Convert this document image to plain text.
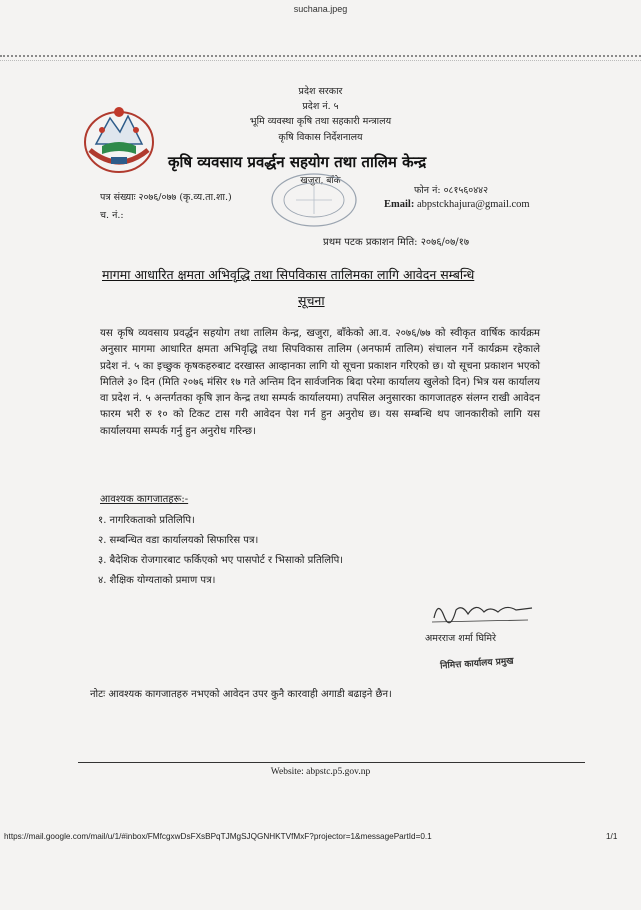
suchana.jpeg
प्रदेश सरकार
प्रदेश नं. ५
भूमि व्यवस्था कृषि तथा सहकारी मन्त्रालय
कृषि विकास निर्देशनालय
कृषि व्यवसाय प्रवर्द्धन सहयोग तथा तालिम केन्द्र
खजुरा, बाँके
पत्र संख्याः २०७६/०७७ (कृ.व्य.ता.शा.)
च. नं.:
फोन नं: ०८१५६०४४२
Email: abpstckhajura@gmail.com
प्रथम पटक प्रकाशन मिति: २०७६/०७/१७
मागमा आधारित क्षमता अभिवृद्धि तथा सिपविकास तालिमका लागि आवेदन सम्बन्धि
सूचना
यस कृषि व्यवसाय प्रवर्द्धन सहयोग तथा तालिम केन्द्र, खजुरा, बाँकेको आ.व. २०७६/७७ को स्वीकृत वार्षिक कार्यक्रम अनुसार मागमा आधारित क्षमता अभिवृद्धि तथा सिपविकास तालिम (अनफार्म तालिम) संचालन गर्ने कार्यक्रम रहेकाले प्रदेश नं. ५ का इच्छुक कृषकहरुबाट दरखास्त आव्हानका लागि यो सूचना प्रकाशन गरिएको छ। यो सूचना प्रकाशन भएको मितिले ३० दिन (मिति २०७६ मंसिर १७ गते अन्तिम दिन सार्वजनिक बिदा परेमा कार्यालय खुलेको दिन) भित्र यस कार्यालय वा प्रदेश नं. ५ अन्तर्गतका कृषि ज्ञान केन्द्र तथा सम्पर्क कार्यालयमा) तपसिल अनुसारका कागजातहरु संलग्न राखी आवेदन फारम भरी रु १० को टिकट टास गरी आवेदन पेश गर्न हुन अनुरोध छ। यस सम्बन्धि थप जानकारीको लागि यस कार्यालयमा सम्पर्क गर्नु हुन अनुरोध गरिन्छ।
आवश्यक कागजातहरू:-
१. नागरिकताको प्रतिलिपि।
२. सम्बन्धित वडा कार्यालयको सिफारिस पत्र।
३. बैदेशिक रोजगारबाट फर्किएको भए पासपोर्ट र भिसाको प्रतिलिपि।
४. शैक्षिक योग्यताको प्रमाण पत्र।
अमरराज शर्मा घिमिरे
निमित्त कार्यालय प्रमुख
नोटः आवश्यक कागजातहरु नभएको आवेदन उपर कुनै कारवाही अगाडी बढाइने छैन।
Website: abpstc.p5.gov.np
https://mail.google.com/mail/u/1/#inbox/FMfcgxwDsFXsBPqTJMgSJQGNHKTVfMxF?projector=1&messagePartId=0.1	1/1
